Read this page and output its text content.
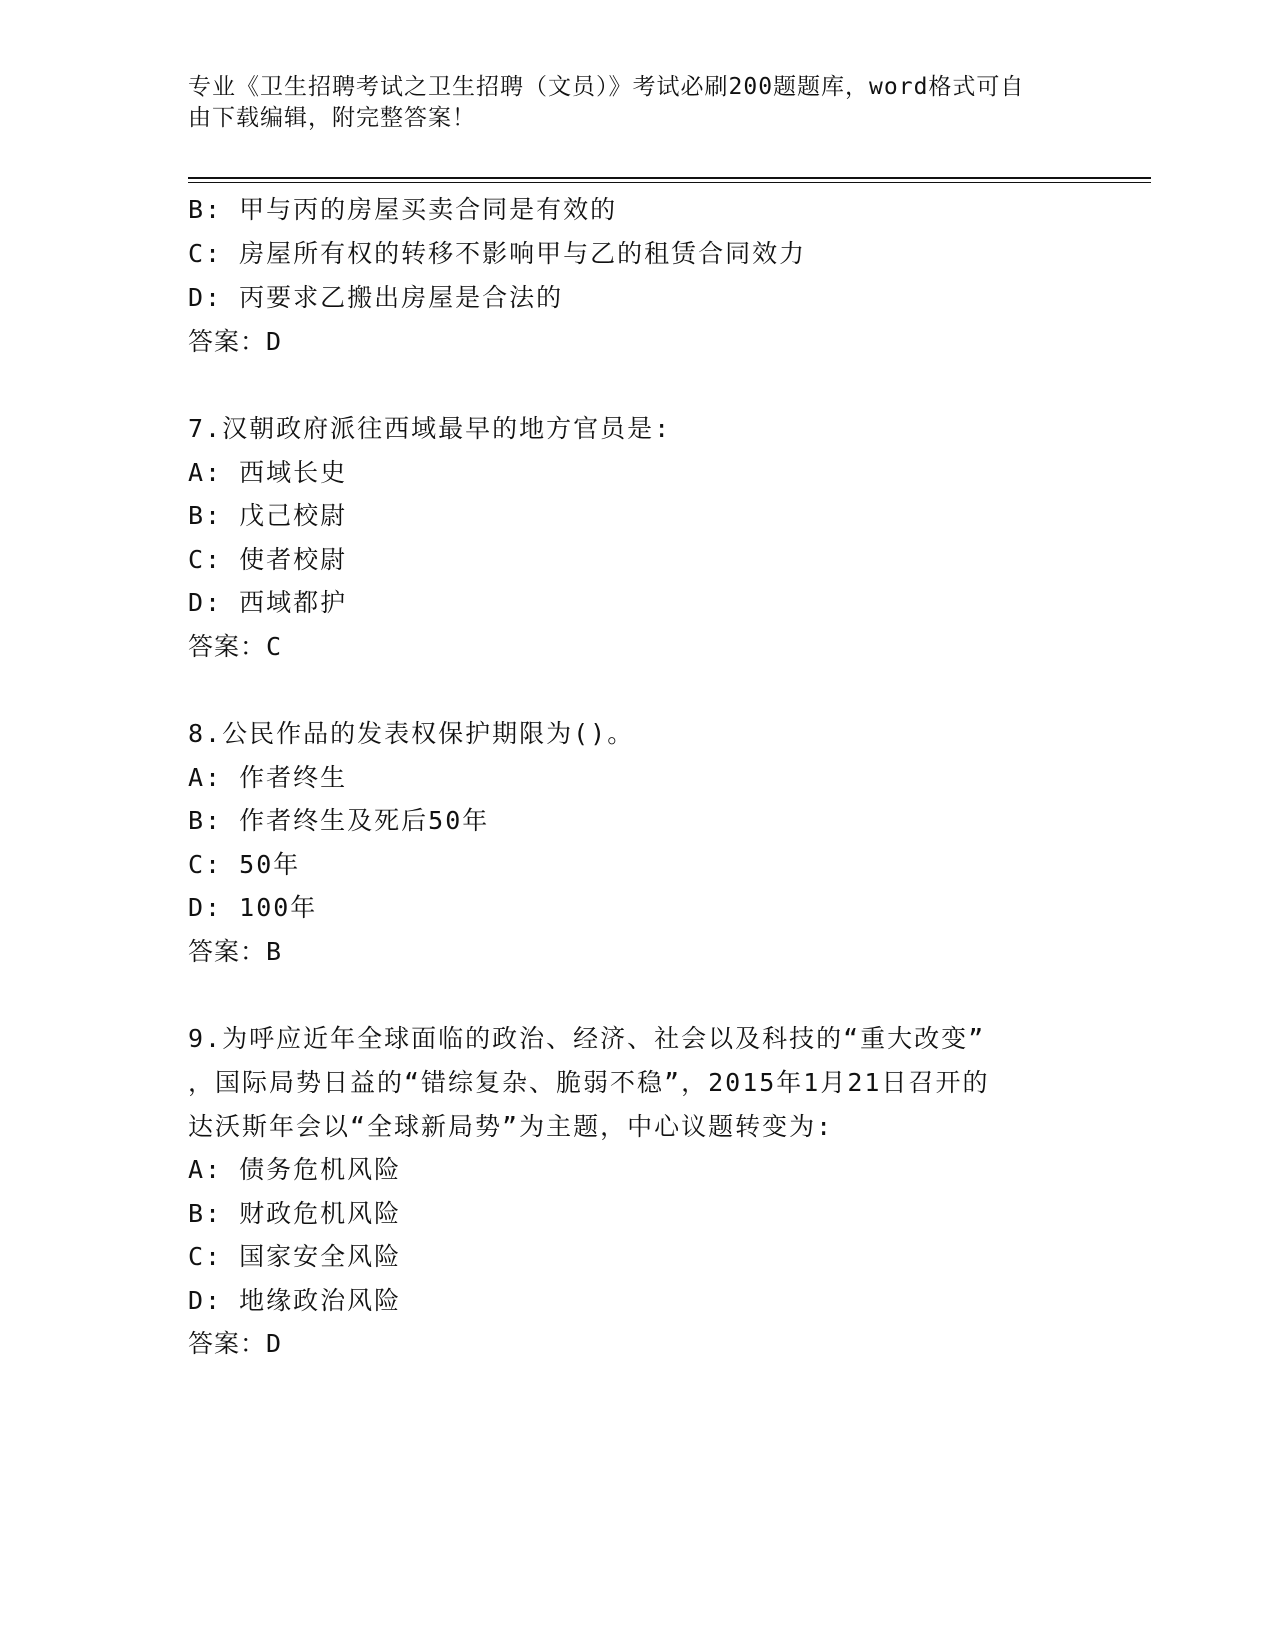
专业《卫生招聘考试之卫生招聘（文员）》考试必刷200题题库，word格式可自
由下载编辑，附完整答案！
B: 甲与丙的房屋买卖合同是有效的
C: 房屋所有权的转移不影响甲与乙的租赁合同效力
D: 丙要求乙搬出房屋是合法的
答案：D
7.汉朝政府派往西域最早的地方官员是:
A: 西域长史
B: 戊己校尉
C: 使者校尉
D: 西域都护
答案：C
8.公民作品的发表权保护期限为()。
A: 作者终生
B: 作者终生及死后50年
C: 50年
D: 100年
答案：B
9.为呼应近年全球面临的政治、经济、社会以及科技的“重大改变”
，国际局势日益的“错综复杂、脆弱不稳”，2015年1月21日召开的
达沃斯年会以“全球新局势”为主题，中心议题转变为:
A: 债务危机风险
B: 财政危机风险
C: 国家安全风险
D: 地缘政治风险
答案：D
